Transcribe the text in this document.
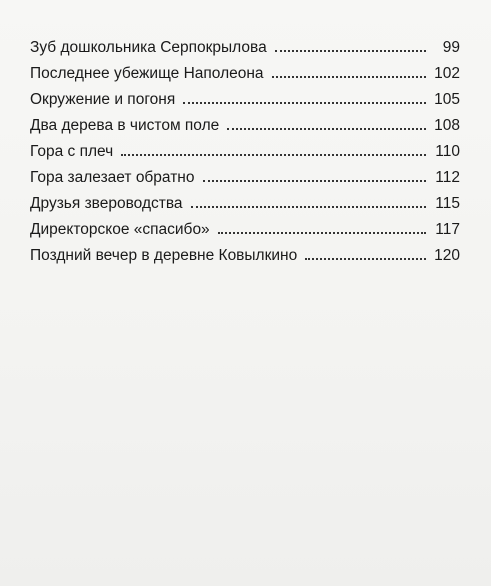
Зуб дошкольника Серпокрылова	99
Последнее убежище Наполеона	102
Окружение и погоня	105
Два дерева в чистом поле	108
Гора с плеч	110
Гора залезает обратно	112
Друзья звероводства	115
Директорское «спасибо»	117
Поздний вечер в деревне Ковылкино	120
